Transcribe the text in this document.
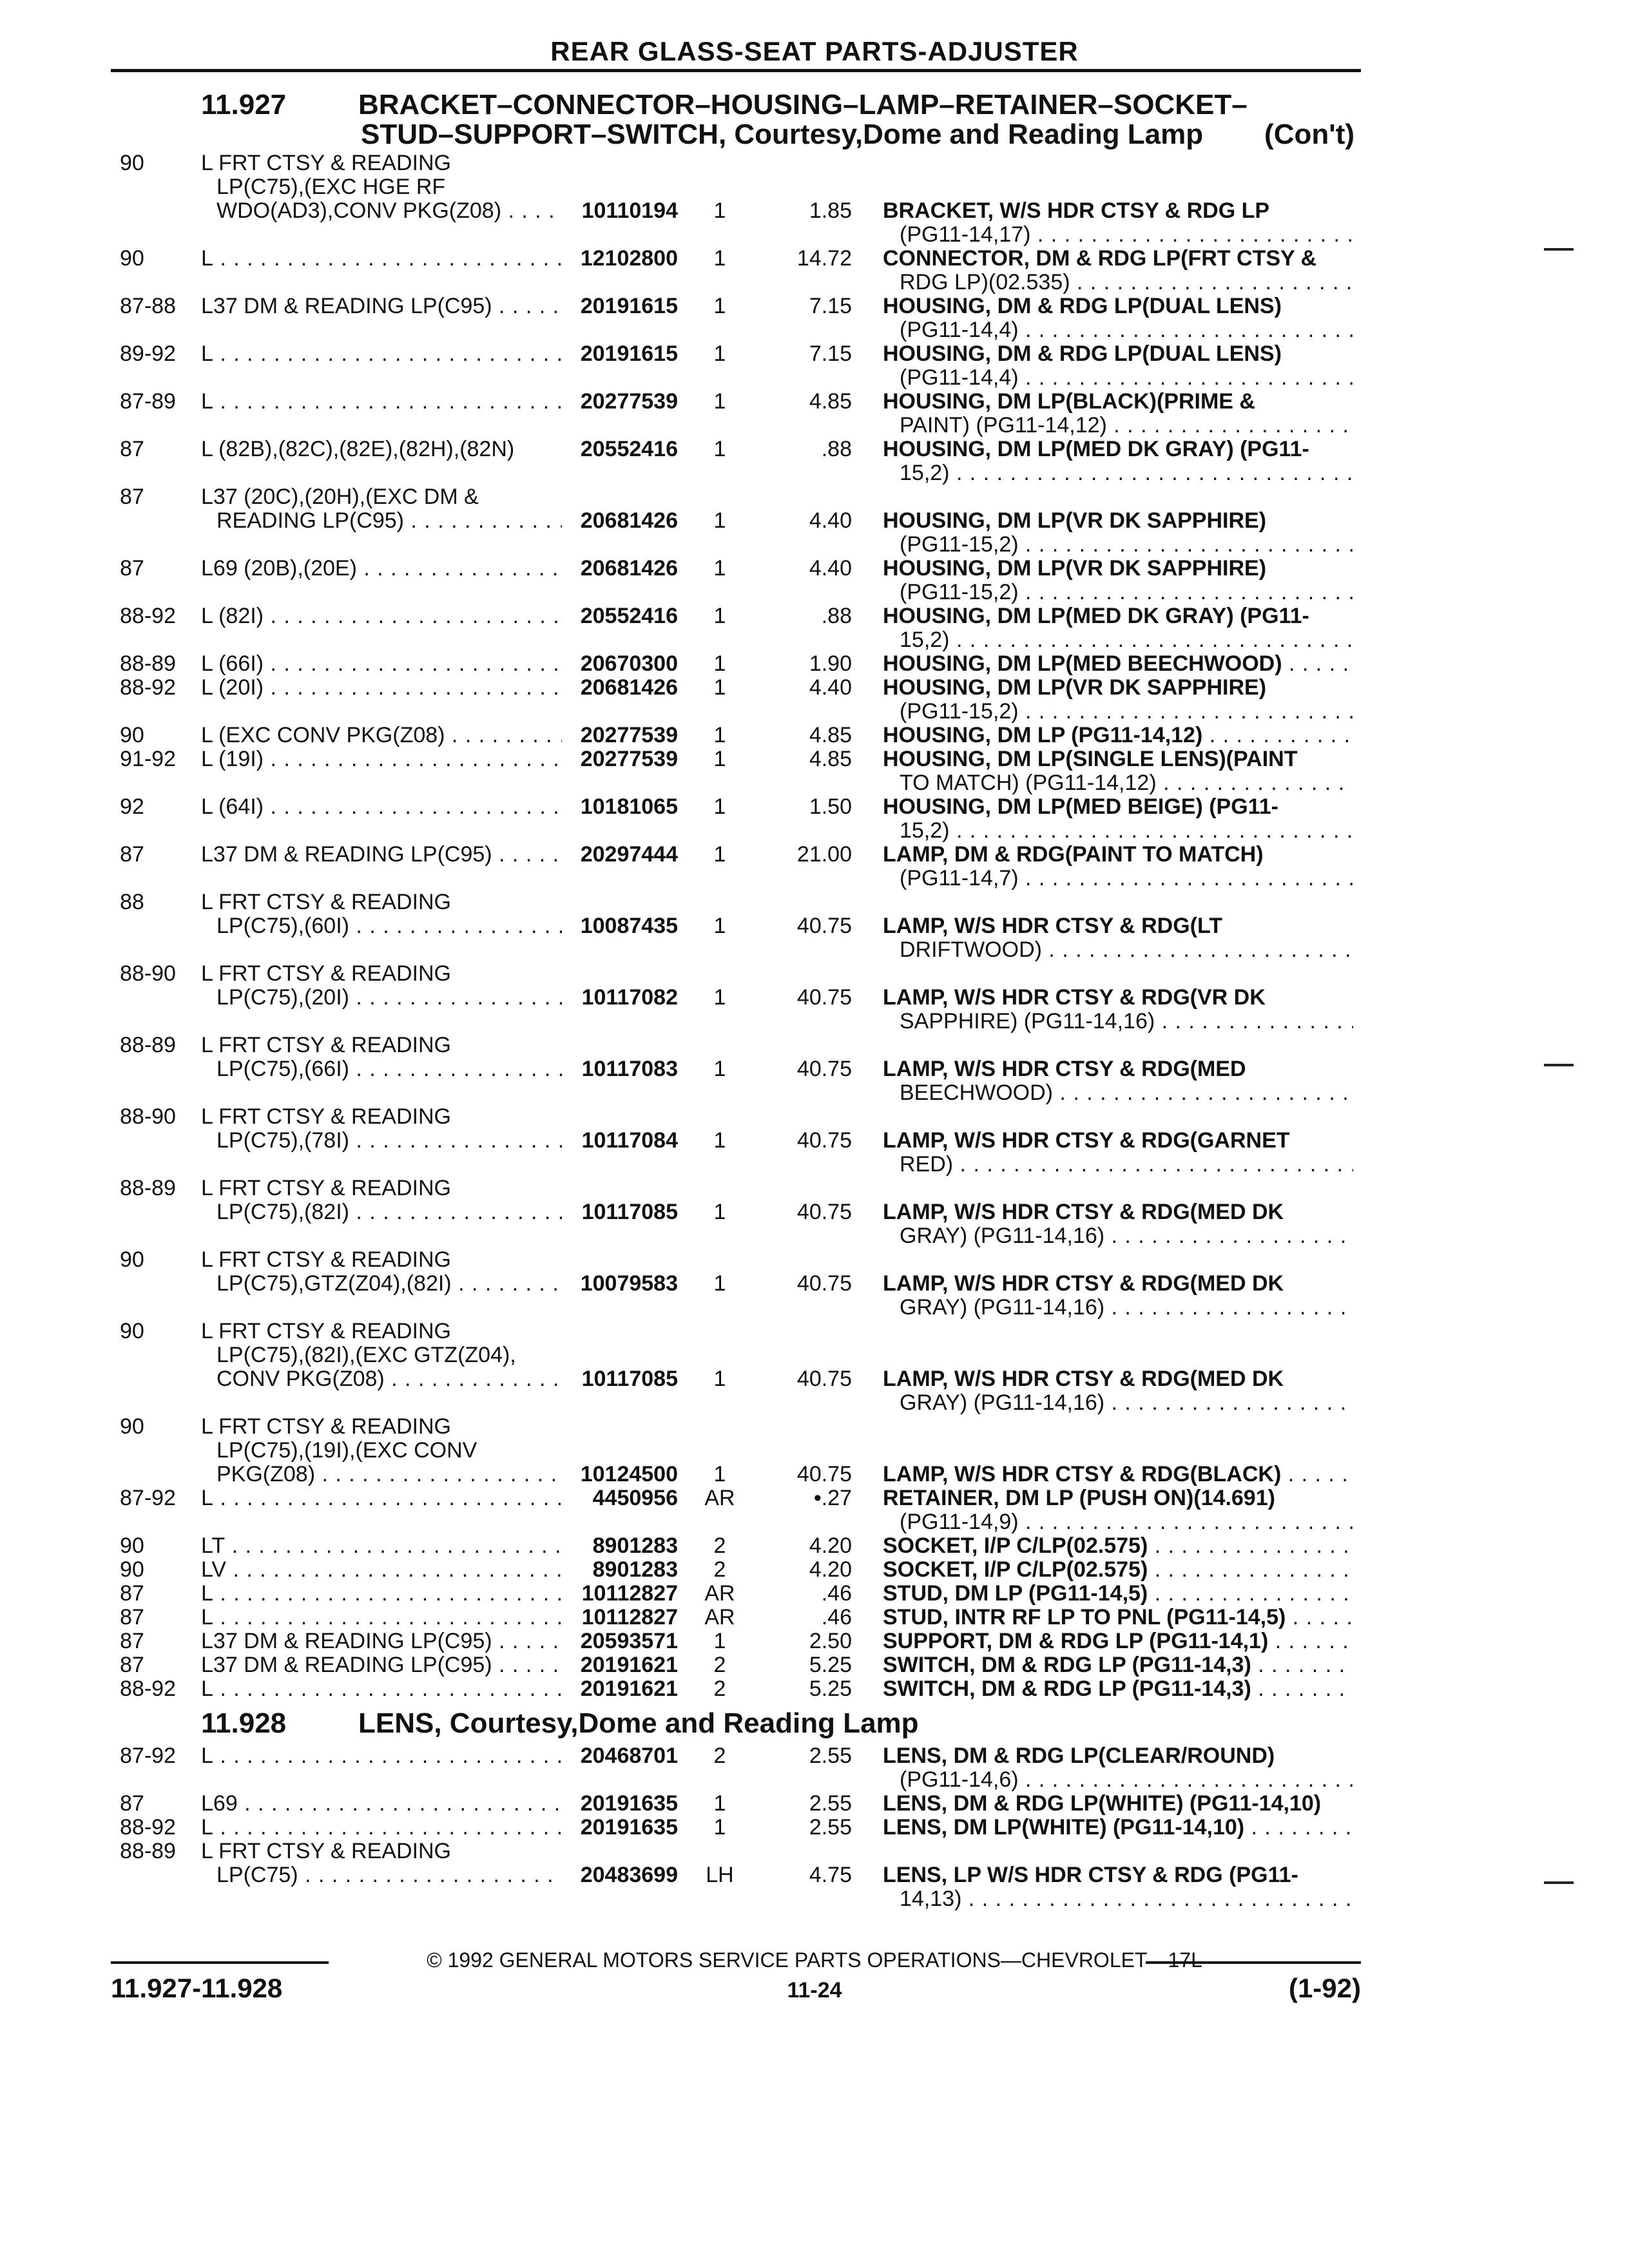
REAR GLASS-SEAT PARTS-ADJUSTER
11.927	BRACKET–CONNECTOR–HOUSING–LAMP–RETAINER–SOCKET–
STUD–SUPPORT–SWITCH, Courtesy,Dome and Reading Lamp	(Con't)
90	L FRT CTSY & READING
LP(C75),(EXC HGE RF
WDO(AD3),CONV PKG(Z08) . . .	10110194	1	1.85 BRACKET, W/S HDR CTSY & RDG LP
(PG11-14,17) . . .
90	L . . .	12102800	1	14.72 CONNECTOR, DM & RDG LP(FRT CTSY &
RDG LP)(02.535) . . .
87-88 L37 DM & READING LP(C95) . . .	20191615	1	7.15 HOUSING, DM & RDG LP(DUAL LENS)
(PG11-14,4) . . .
89-92 L . . .	20191615	1	7.15 HOUSING, DM & RDG LP(DUAL LENS)
(PG11-14,4) . . .
87-89 L . . .	20277539	1	4.85 HOUSING, DM LP(BLACK)(PRIME &
PAINT) (PG11-14,12) . . .
87	L (82B),(82C),(82E),(82H),(82N)	20552416	1	.88 HOUSING, DM LP(MED DK GRAY) (PG11-
15,2) . . .
87	L37 (20C),(20H),(EXC DM &
READING LP(C95) . . .	20681426	1	4.40 HOUSING, DM LP(VR DK SAPPHIRE)
(PG11-15,2) . . .
87	L69 (20B),(20E) . . .	20681426	1	4.40 HOUSING, DM LP(VR DK SAPPHIRE)
(PG11-15,2) . . .
88-92 L (82I) . . .	20552416	1	.88 HOUSING, DM LP(MED DK GRAY) (PG11-
15,2) . . .
88-89 L (66I) . . .	20670300	1	1.90 HOUSING, DM LP(MED BEECHWOOD) . . .
88-92 L (20I) . . .	20681426	1	4.40 HOUSING, DM LP(VR DK SAPPHIRE)
(PG11-15,2) . . .
90	L (EXC CONV PKG(Z08) . . .	20277539	1	4.85 HOUSING, DM LP (PG11-14,12) . . .
91-92 L (19I) . . .	20277539	1	4.85 HOUSING, DM LP(SINGLE LENS)(PAINT
TO MATCH) (PG11-14,12) . . .
92	L (64I) . . .	10181065	1	1.50 HOUSING, DM LP(MED BEIGE) (PG11-
15,2) . . .
87	L37 DM & READING LP(C95) . . .	20297444	1	21.00 LAMP, DM & RDG(PAINT TO MATCH)
(PG11-14,7) . . .
88	L FRT CTSY & READING
LP(C75),(60I) . . .	10087435	1	40.75 LAMP, W/S HDR CTSY & RDG(LT
DRIFTWOOD) . . .
88-90 L FRT CTSY & READING
LP(C75),(20I) . . .	10117082	1	40.75 LAMP, W/S HDR CTSY & RDG(VR DK
SAPPHIRE) (PG11-14,16) . . .
88-89 L FRT CTSY & READING
LP(C75),(66I) . . .	10117083	1	40.75 LAMP, W/S HDR CTSY & RDG(MED
BEECHWOOD) . . .
88-90 L FRT CTSY & READING
LP(C75),(78I) . . .	10117084	1	40.75 LAMP, W/S HDR CTSY & RDG(GARNET
RED) . . .
88-89 L FRT CTSY & READING
LP(C75),(82I) . . .	10117085	1	40.75 LAMP, W/S HDR CTSY & RDG(MED DK
GRAY) (PG11-14,16) . . .
90	L FRT CTSY & READING
LP(C75),GTZ(Z04),(82I) . . .	10079583	1	40.75 LAMP, W/S HDR CTSY & RDG(MED DK
GRAY) (PG11-14,16) . . .
90	L FRT CTSY & READING
LP(C75),(82I),(EXC GTZ(Z04),
CONV PKG(Z08) . . .	10117085	1	40.75 LAMP, W/S HDR CTSY & RDG(MED DK
GRAY) (PG11-14,16) . . .
90	L FRT CTSY & READING
LP(C75),(19I),(EXC CONV
PKG(Z08) . . .	10124500	1	40.75 LAMP, W/S HDR CTSY & RDG(BLACK) . . .
87-92 L . . .	4450956	AR	•.27 RETAINER, DM LP (PUSH ON)(14.691)
(PG11-14,9) . . .
90	LT . . .	8901283	2	4.20 SOCKET, I/P C/LP(02.575) . . .
90	LV . . .	8901283	2	4.20 SOCKET, I/P C/LP(02.575) . . .
87	L . . .	10112827	AR	.46 STUD, DM LP (PG11-14,5) . . .
87	L . . .	10112827	AR	.46 STUD, INTR RF LP TO PNL (PG11-14,5) . . .
87	L37 DM & READING LP(C95) . . .	20593571	1	2.50 SUPPORT, DM & RDG LP (PG11-14,1) . . .
87	L37 DM & READING LP(C95) . . .	20191621	2	5.25 SWITCH, DM & RDG LP (PG11-14,3) . . .
88-92 L . . .	20191621	2	5.25 SWITCH, DM & RDG LP (PG11-14,3) . . .
11.928	LENS, Courtesy,Dome and Reading Lamp
87-92 L . . .	20468701	2	2.55 LENS, DM & RDG LP(CLEAR/ROUND)
(PG11-14,6) . . .
87	L69 . . .	20191635	1	2.55 LENS, DM & RDG LP(WHITE) (PG11-14,10)
88-92 L . . .	20191635	1	2.55 LENS, DM LP(WHITE) (PG11-14,10) . . .
88-89 L FRT CTSY & READING
LP(C75) . . .	20483699	LH	4.75 LENS, LP W/S HDR CTSY & RDG (PG11-
14,13) . . .
© 1992 GENERAL MOTORS SERVICE PARTS OPERATIONS—CHEVROLET—17L
11.927-11.928	11-24	(1-92)
